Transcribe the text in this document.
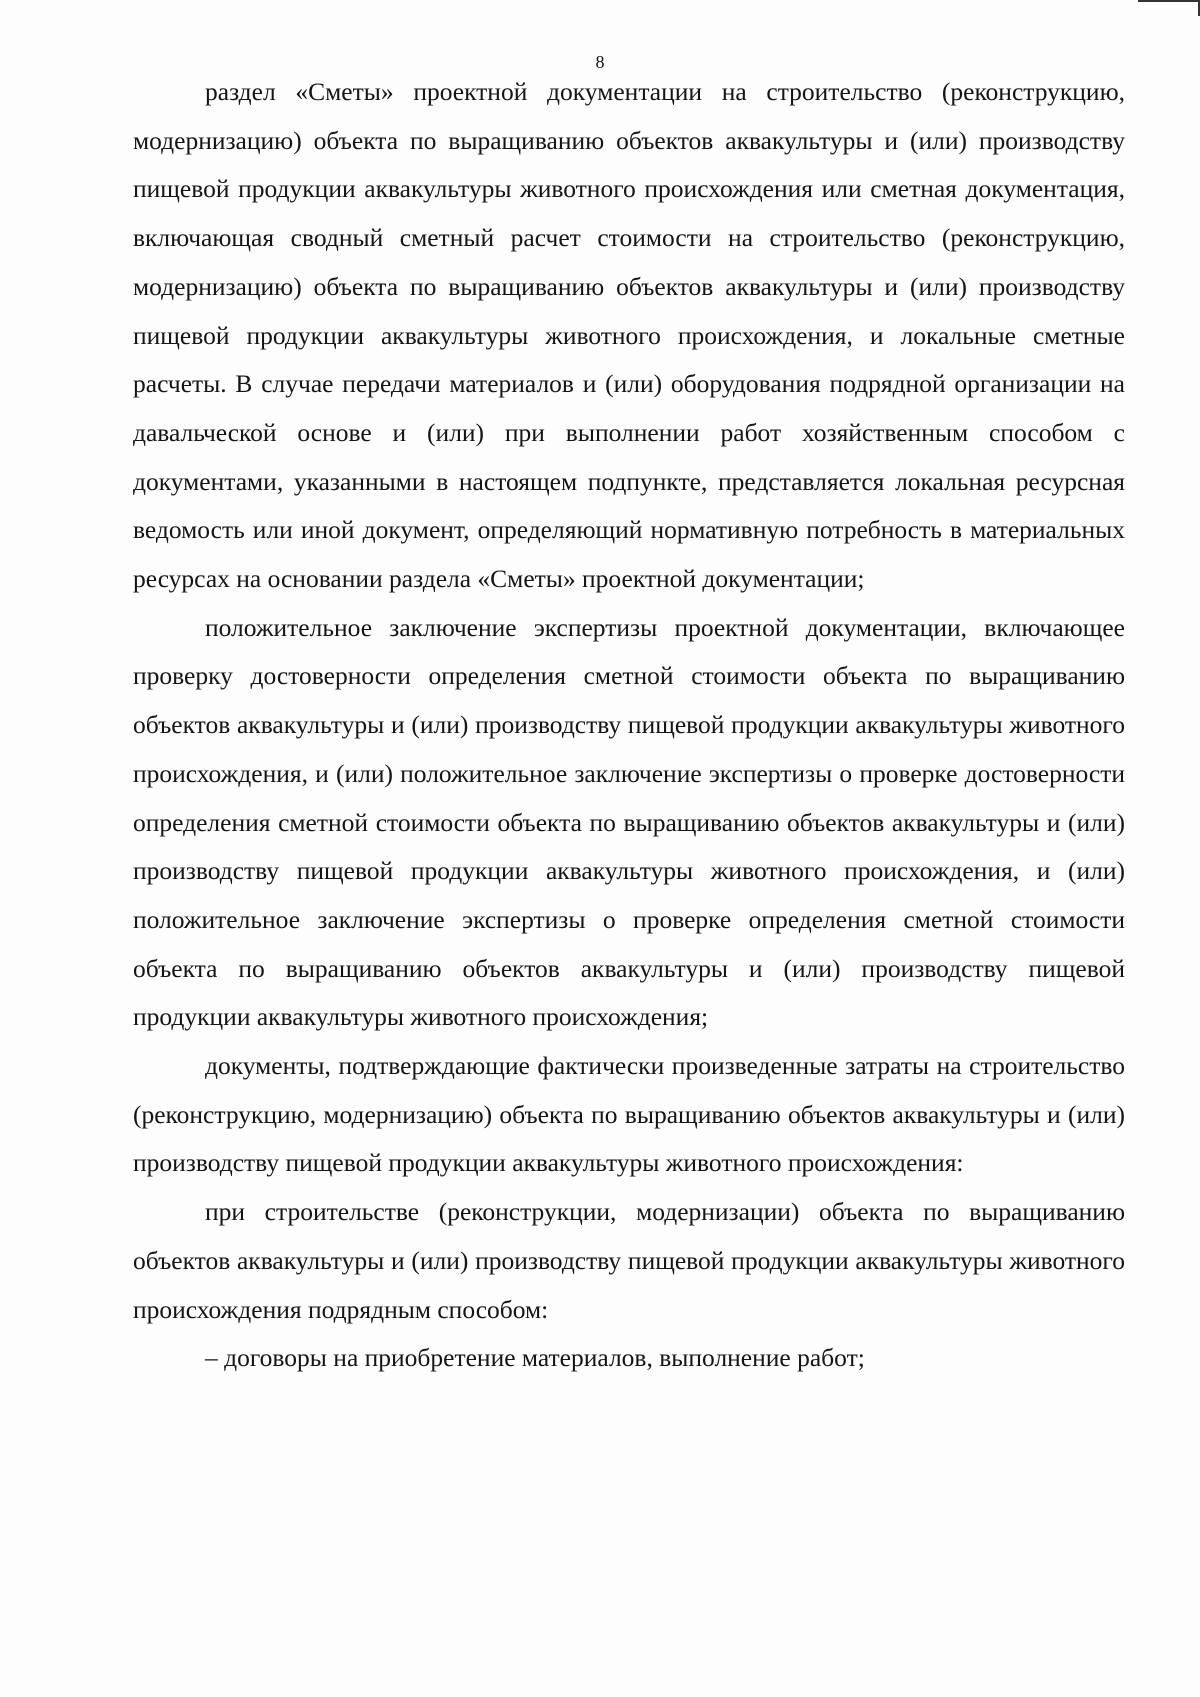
8

раздел «Сметы» проектной документации на строительство (реконструкцию, модернизацию) объекта по выращиванию объектов аквакультуры и (или) производству пищевой продукции аквакультуры животного происхождения или сметная документация, включающая сводный сметный расчет стоимости на строительство (реконструкцию, модернизацию) объекта по выращиванию объектов аквакультуры и (или) производству пищевой продукции аквакультуры животного происхождения, и локальные сметные расчеты. В случае передачи материалов и (или) оборудования подрядной организации на давальческой основе и (или) при выполнении работ хозяйственным способом с документами, указанными в настоящем подпункте, представляется локальная ресурсная ведомость или иной документ, определяющий нормативную потребность в материальных ресурсах на основании раздела «Сметы» проектной документации;

положительное заключение экспертизы проектной документации, включающее проверку достоверности определения сметной стоимости объекта по выращиванию объектов аквакультуры и (или) производству пищевой продукции аквакультуры животного происхождения, и (или) положительное заключение экспертизы о проверке достоверности определения сметной стоимости объекта по выращиванию объектов аквакультуры и (или) производству пищевой продукции аквакультуры животного происхождения, и (или) положительное заключение экспертизы о проверке определения сметной стоимости объекта по выращиванию объектов аквакультуры и (или) производству пищевой продукции аквакультуры животного происхождения;

документы, подтверждающие фактически произведенные затраты на строительство (реконструкцию, модернизацию) объекта по выращиванию объектов аквакультуры и (или) производству пищевой продукции аквакультуры животного происхождения:

при строительстве (реконструкции, модернизации) объекта по выращиванию объектов аквакультуры и (или) производству пищевой продукции аквакультуры животного происхождения подрядным способом:

– договоры на приобретение материалов, выполнение работ;
